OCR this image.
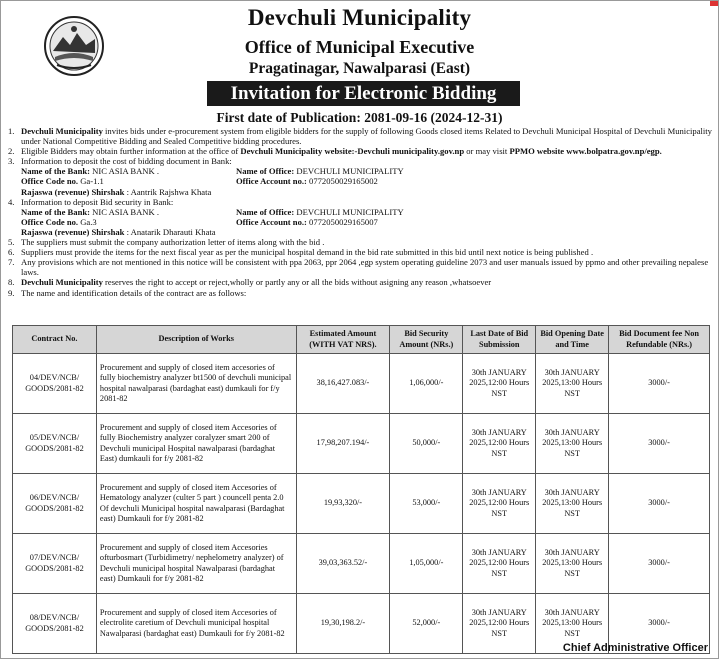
Devchuli Municipality
Office of Municipal Executive
Pragatinagar, Nawalparasi (East)
Invitation for Electronic Bidding
First date of Publication: 2081-09-16 (2024-12-31)
1. Devchuli Municipality invites bids under e-procurement system from eligible bidders for the supply of following Goods closed items Related to Devchuli Municipal Hospital of Devchuli Municipality under National Competitive Bidding and Sealed Competitive bidding procedures.
2. Eligible Bidders may obtain further information at the office of Devchuli Municipality website:-Devchuli municipality.gov.np or may visit PPMO website www.bolpatra.gov.np/egp.
3. Information to deposit the cost of bidding document in Bank:
Name of the Bank: NIC ASIA BANK .	Name of Office: DEVCHULI MUNICIPALITY
Office Code no. Ga-1.1	Office Account no.: 0772050029165002
Rajaswa (revenue) Shirshak : Aantrik Rajshwa Khata
4. Information to deposit Bid security in Bank:
Name of the Bank: NIC ASIA BANK .	Name of Office: DEVCHULI MUNICIPALITY
Office Code no. Ga.3	Office Account no.: 0772050029165007
Rajaswa (revenue) Shirshak : Anatarik Dharauti Khata
5. The suppliers must submit the company authorization letter of items along with the bid .
6. Suppliers must provide the items for the next fiscal year as per the municipal hospital demand in the bid rate submitted in this bid until next notice is being published .
7. Any provisions which are not mentioned in this notice will be consistent with ppa 2063, ppr 2064 ,egp system operating guideline 2073 and user manuals issued by ppmo and other prevailing nepalese laws.
8. Devchuli Municipality reserves the right to accept or reject,wholly or partly any or all the bids without asigning any reason ,whatsoever
9. The name and identification details of the contract are as follows:
Contract No.	Description of Works	Estimated Amount (WITH VAT NRS).	Bid Security Amount (NRs.)	Last Date of Bid Submission	Bid Opening Date and Time	Bid Document fee Non Refundable (NRs.)
04/DEV/NCB/ GOODS/2081-82	Procurement and supply of closed item accesories of fully biochemistry analyzer bt1500 of devchuli municipal hospital nawalparasi (bardaghat east) dumkauli for f/y 2081-82	38,16,427.083/-	1,06,000/-	30th JANUARY 2025,12:00 Hours NST	30th JANUARY 2025,13:00 Hours NST	3000/-
05/DEV/NCB/ GOODS/2081-82	Procurement and supply of closed item Accesories of fully Biochemistry analyzer coralyzer smart 200 of Devchuli municipal Hospital nawalparasi (bardaghat East) dumkauli for f/y 2081-82	17,98,207.194/-	50,000/-	30th JANUARY 2025,12:00 Hours NST	30th JANUARY 2025,13:00 Hours NST	3000/-
06/DEV/NCB/ GOODS/2081-82	Procurement and supply of closed item Accesories of Hematology analyzer (culter 5 part ) councell penta 2.0 Of devchuli Municipal hospital nawalparasi (Bardaghat east) Dumkauli for f/y 2081-82	19,93,320/-	53,000/-	30th JANUARY 2025,12:00 Hours NST	30th JANUARY 2025,13:00 Hours NST	3000/-
07/DEV/NCB/ GOODS/2081-82	Procurement and supply of closed item Accesories ofturbosmart (Turbidimetry/ nephelometry analyzer) of Devchuli municipal hospital Nawalparasi (bardaghat east) Dumkauli for f/y 2081-82	39,03,363.52/-	1,05,000/-	30th JANUARY 2025,12:00 Hours NST	30th JANUARY 2025,13:00 Hours NST	3000/-
08/DEV/NCB/ GOODS/2081-82	Procurement and supply of closed item Accesories of electrolite caretium of Devchuli municipal hospital Nawalparasi (bardaghat east) Dumkauli for f/y 2081-82	19,30,198.2/-	52,000/-	30th JANUARY 2025,12:00 Hours NST	30th JANUARY 2025,13:00 Hours NST	3000/-
Chief Administrative Officer
